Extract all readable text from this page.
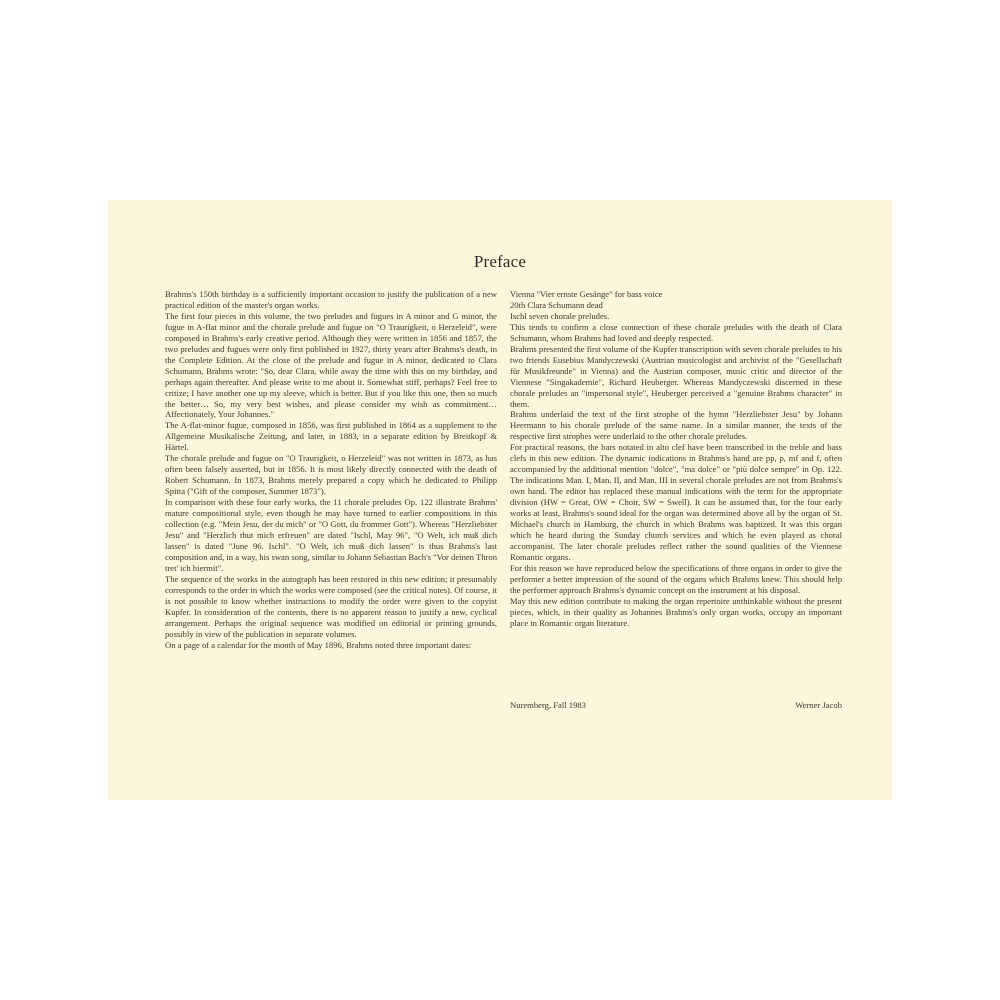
Preface

Brahms's 150th birthday is a sufficiently important occasion to justify the publication of a new practical edition of the master's organ works.

The first four pieces in this volume, the two preludes and fugues in A minor and G minor, the fugue in A-flat minor and the chorale prelude and fugue on "O Traurigkeit, o Herzeleid", were composed in Brahms's early creative period. Although they were written in 1856 and 1857, the two preludes and fugues were only first published in 1927, thirty years after Brahms's death, in the Complete Edition. At the close of the prelude and fugue in A minor, dedicated to Clara Schumann, Brahms wrote: "So, dear Clara, while away the time with this on my birthday, and perhaps again thereafter. And please write to me about it. Somewhat stiff, perhaps? Feel free to critize; I have another one up my sleeve, which is better. But if you like this one, then so much the better… So, my very best wishes, and please consider my wish as commitment… Affectionately, Your Johannes."

The A-flat-minor fugue, composed in 1856, was first published in 1864 as a supplement to the Allgemeine Musikalische Zeitung, and later, in 1883, in a separate edition by Breitkopf & Härtel.

The chorale prelude and fugue on "O Traurigkeit, o Herzeleid" was not written in 1873, as has often been falsely asserted, but in 1856. It is most likely directly connected with the death of Robert Schumann. In 1873, Brahms merely prepared a copy which he dedicated to Philipp Spitta ("Gift of the composer, Summer 1873").

In comparison with these four early works, the 11 chorale preludes Op. 122 illustrate Brahms' mature compositional style, even though he may have turned to earlier compositions in this collection (e.g. "Mein Jesu, der du mich" or "O Gott, du frommer Gott"). Whereas "Herzliebster Jesu" and "Herzlich thut mich erfreuen" are dated "Ischl, May 96", "O Welt, ich muß dich lassen" is dated "June 96. Ischl". "O Welt, ich muß dich lassen" is thus Brahms's last composition and, in a way, his swan song, similar to Johann Sebastian Bach's "Vor deinen Thron tret' ich hiermit".

The sequence of the works in the autograph has been restored in this new edition; it presumably corresponds to the order in which the works were composed (see the critical notes). Of course, it is not possible to know whether instructions to modify the order were given to the copyist Kupfer. In consideration of the contents, there is no apparent reason to justify a new, cyclical arrangement. Perhaps the original sequence was modified on editorial or printing grounds, possibly in view of the publication in separate volumes.

On a page of a calendar for the month of May 1896, Brahms noted three important dates:

Vienna "Vier ernste Gesänge" for bass voice

20th Clara Schumann dead

Ischl seven chorale preludes.

This tends to confirm a close connection of these chorale preludes with the death of Clara Schumann, whom Brahms had loved and deeply respected.

Brahms presented the first volume of the Kupfer transcription with seven chorale preludes to his two friends Eusebius Mandyczewski (Austrian musicologist and archivist of the "Gesellschaft für Musikfreunde" in Vienna) and the Austrian composer, music critic and director of the Viennese "Singakademie", Richard Heuberger. Whereas Mandyczewski discerned in these chorale preludes an "impersonal style", Heuberger perceived a "genuine Brahms character" in them.

Brahms underlaid the text of the first strophe of the hymn "Herzliebster Jesu" by Johann Heermann to his chorale prelude of the same name. In a similar manner, the texts of the respective first strophes were underlaid to the other chorale preludes.

For practical reasons, the bars notated in alto clef have been transcribed in the treble and bass clefs in this new edition. The dynamic indications in Brahms's hand are pp, p, mf and f, often accompanied by the additional mention "dolce", "ma dolce" or "più dolce sempre" in Op. 122. The indications Man. I, Man. II, and Man. III in several chorale preludes are not from Brahms's own hand. The editor has replaced these manual indications with the term for the appropriate division (HW = Great, OW = Choir, SW = Swell). It can be assumed that, for the four early works at least, Brahms's sound ideal for the organ was determined above all by the organ of St. Michael's church in Hamburg, the church in which Brahms was baptized. It was this organ which he heard during the Sunday church services and which he even played as choral accompanist. The later chorale preludes reflect rather the sound qualities of the Viennese Romantic organs.

For this reason we have reproduced below the specifications of three organs in order to give the performer a better impression of the sound of the organs which Brahms knew. This should help the performer approach Brahms's dynamic concept on the instrument at his disposal.

May this new edition contribute to making the organ repertoire unthinkable without the present pieces, which, in their quality as Johannes Brahms's only organ works, occupy an important place in Romantic organ literature.

Nuremberg, Fall 1983	Werner Jacob
